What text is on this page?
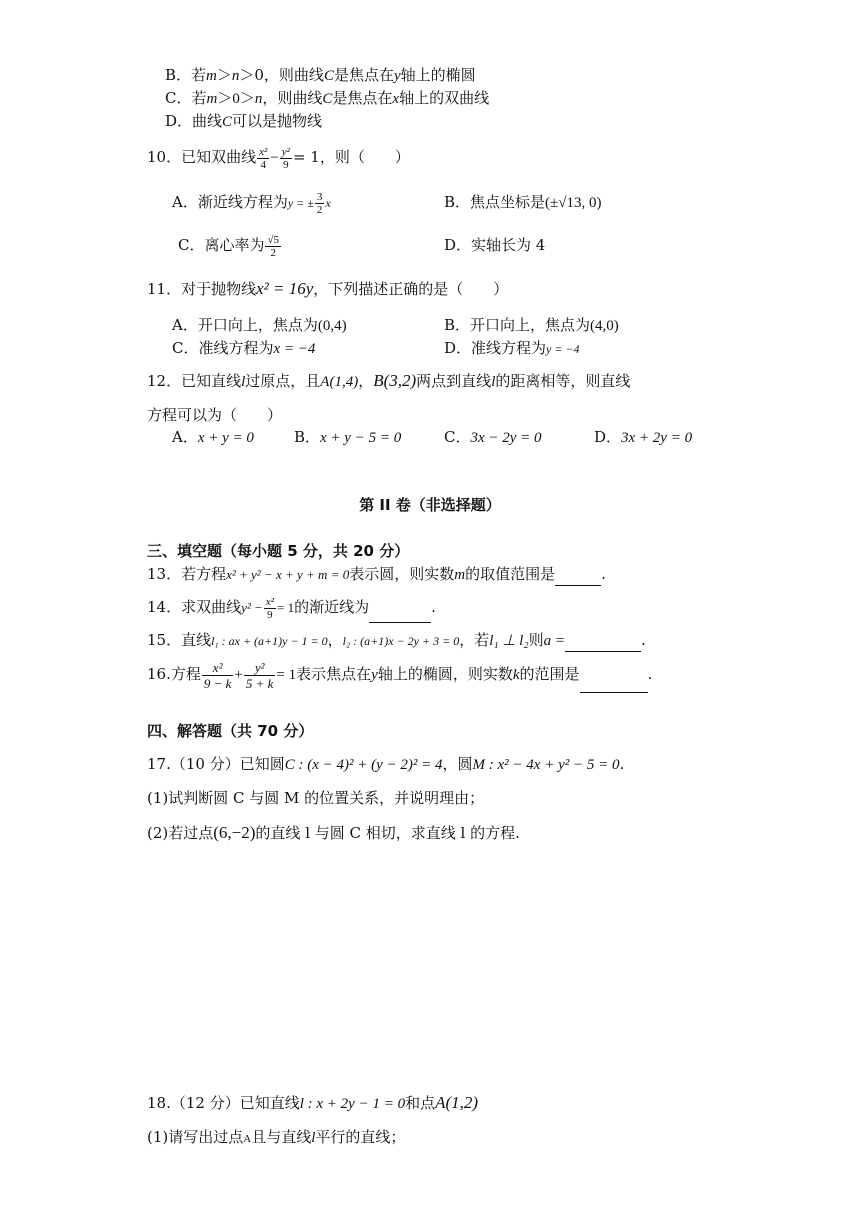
B．若m＞n＞0，则曲线C是焦点在y轴上的椭圆
C．若m＞0＞n，则曲线C是焦点在x轴上的双曲线
D．曲线C可以是抛物线
10．已知双曲线 $\frac{\text{x²}}{4} - \frac{\text{y²}}{9} = 1$，则（　　）
A．渐近线方程为y = ± $\frac{3}{2}$ x	B．焦点坐标是(±√13, 0)
C．离心率为 $\frac{√5}{2}$	D．实轴长为 4
11．对于抛物线x² = 16y，下列描述正确的是（　　）
A．开口向上，焦点为(0,4)	B．开口向上，焦点为(4,0)
C．准线方程为x = −4	D．准线方程为y = −4
12．已知直线l过原点，且A(1,4)，B(3,2)两点到直线l的距离相等，则直线
方程可以为（　　）
A．x + y = 0	B．x + y − 5 = 0	C．3x − 2y = 0	D．3x + 2y = 0
第 II 卷（非选择题）
三、填空题（每小题 5 分，共 20 分）
13．若方程x² + y² − x + y + m = 0表示圆，则实数m的取值范围是	.
14．求双曲线$y^2 - \frac{\text{x²}}{9} = 1$的渐近线为	.
15．直线l₁ : ax + (a+1)y − 1 = 0，l₂ : (a+1)x − 2y + 3 = 0，若l₁ ⊥ l₂则a =	.
16.方程 $\frac{\text{x²}}{9 - k} + \frac{\text{y²}}{5 + k} = 1$表示焦点在y轴上的椭圆，则实数k的范围是	.
四、解答题（共 70 分）
17.（10 分）已知圆C : (x − 4)² + (y − 2)² = 4，圆M : x² − 4x + y² − 5 = 0.
(1)试判断圆 C 与圆 M 的位置关系，并说明理由；
(2)若过点(6,−2)的直线 l 与圆 C 相切，求直线 l 的方程.
18.（12 分）已知直线l : x + 2y − 1 = 0和点A(1,2)
(1)请写出过点A且与直线l平行的直线；
